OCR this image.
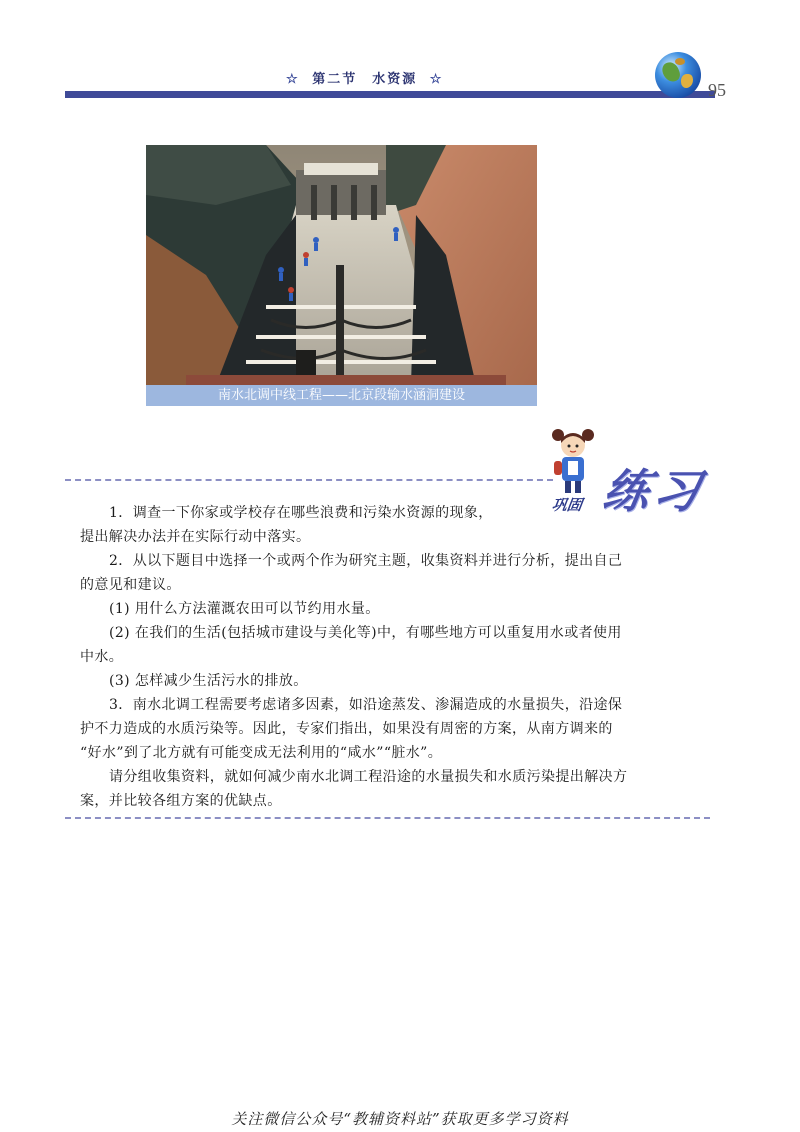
☆ 第二节　水资源 ☆
95
南水北调中线工程——北京段输水涵洞建设
巩固 练习
1．调查一下你家或学校存在哪些浪费和污染水资源的现象，
提出解决办法并在实际行动中落实。
2．从以下题目中选择一个或两个作为研究主题，收集资料并进行分析，提出自己
的意见和建议。
(1) 用什么方法灌溉农田可以节约用水量。
(2) 在我们的生活(包括城市建设与美化等)中，有哪些地方可以重复用水或者使用
中水。
(3) 怎样减少生活污水的排放。
3．南水北调工程需要考虑诸多因素，如沿途蒸发、渗漏造成的水量损失，沿途保
护不力造成的水质污染等。因此，专家们指出，如果没有周密的方案，从南方调来的
“好水”到了北方就有可能变成无法利用的“咸水”“脏水”。
请分组收集资料，就如何减少南水北调工程沿途的水量损失和水质污染提出解决方
案，并比较各组方案的优缺点。
关注微信公众号“教辅资料站”获取更多学习资料
